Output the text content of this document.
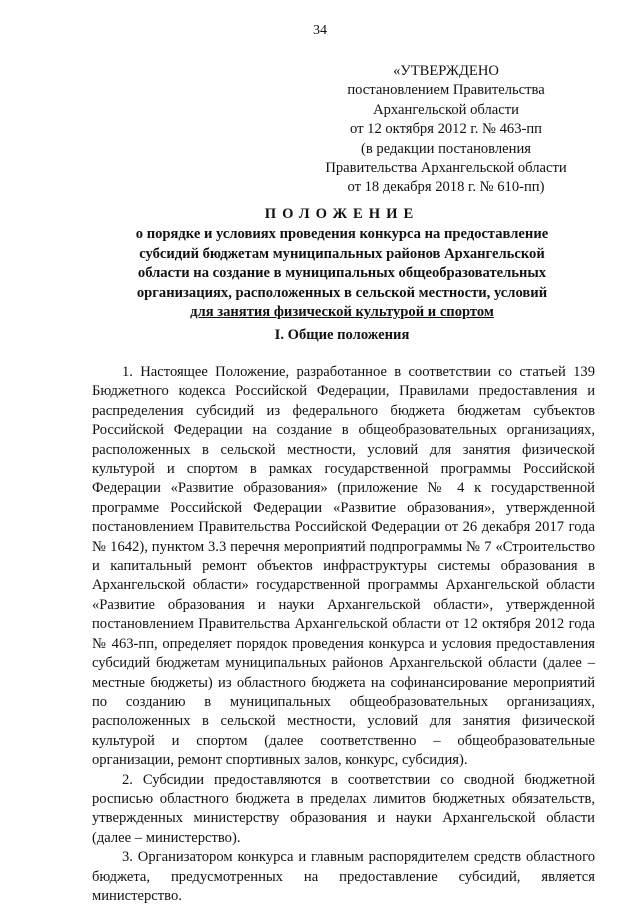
34
«УТВЕРЖДЕНО
постановлением Правительства
Архангельской области
от 12 октября 2012 г. № 463-пп
(в редакции постановления
Правительства Архангельской области
от 18 декабря 2018 г. № 610-пп)
ПОЛОЖЕНИЕ
о порядке и условиях проведения конкурса на предоставление
субсидий бюджетам муниципальных районов Архангельской
области на создание в муниципальных общеобразовательных
организациях, расположенных в сельской местности, условий
для занятия физической культурой и спортом
I. Общие положения

1. Настоящее Положение, разработанное в соответствии со статьей 139 Бюджетного кодекса Российской Федерации, Правилами предоставления и распределения субсидий из федерального бюджета бюджетам субъектов Российской Федерации на создание в общеобразовательных организациях, расположенных в сельской местности, условий для занятия физической культурой и спортом в рамках государственной программы Российской Федерации «Развитие образования» (приложение № 4 к государственной программе Российской Федерации «Развитие образования», утвержденной постановлением Правительства Российской Федерации от 26 декабря 2017 года № 1642), пунктом 3.3 перечня мероприятий подпрограммы № 7 «Строительство и капитальный ремонт объектов инфраструктуры системы образования в Архангельской области» государственной программы Архангельской области «Развитие образования и науки Архангельской области», утвержденной постановлением Правительства Архангельской области от 12 октября 2012 года № 463-пп, определяет порядок проведения конкурса и условия предоставления субсидий бюджетам муниципальных районов Архангельской области (далее – местные бюджеты) из областного бюджета на софинансирование мероприятий по созданию в муниципальных общеобразовательных организациях, расположенных в сельской местности, условий для занятия физической культурой и спортом (далее соответственно – общеобразовательные организации, ремонт спортивных залов, конкурс, субсидия).

2. Субсидии предоставляются в соответствии со сводной бюджетной росписью областного бюджета в пределах лимитов бюджетных обязательств, утвержденных министерству образования и науки Архангельской области (далее – министерство).

3. Организатором конкурса и главным распорядителем средств областного бюджета, предусмотренных на предоставление субсидий, является министерство.
